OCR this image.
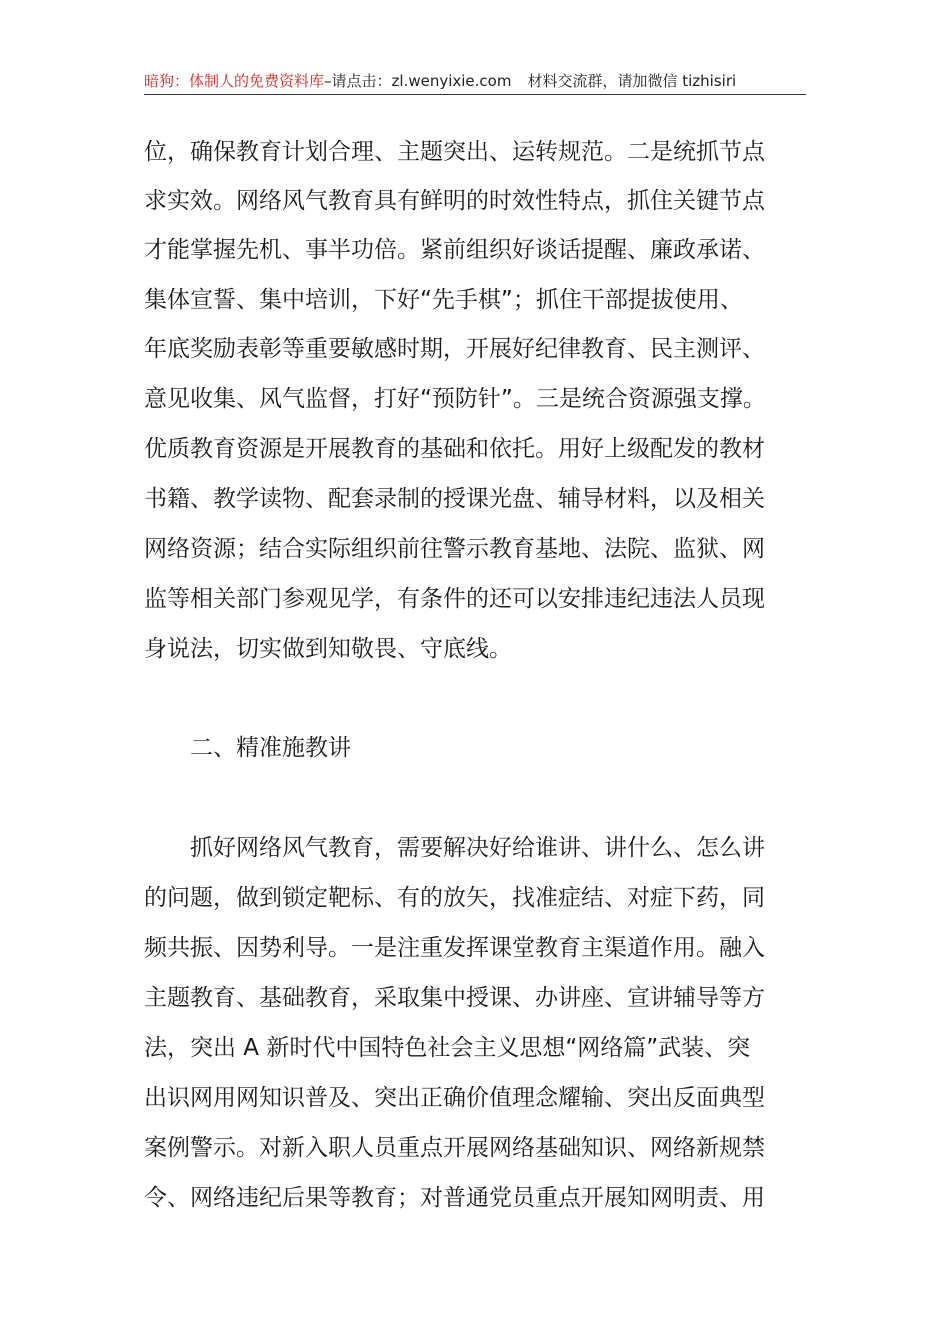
暗狗：体制人的免费资料库–请点击：zl.wenyixie.com 材料交流群，请加微信 tizhisiri
位，确保教育计划合理、主题突出、运转规范。二是统抓节点
求实效。网络风气教育具有鲜明的时效性特点，抓住关键节点
才能掌握先机、事半功倍。紧前组织好谈话提醒、廉政承诺、
集体宣誓、集中培训，下好“先手棋”；抓住干部提拔使用、
年底奖励表彰等重要敏感时期，开展好纪律教育、民主测评、
意见收集、风气监督，打好“预防针”。三是统合资源强支撑。
优质教育资源是开展教育的基础和依托。用好上级配发的教材
书籍、教学读物、配套录制的授课光盘、辅导材料，以及相关
网络资源；结合实际组织前往警示教育基地、法院、监狱、网
监等相关部门参观见学，有条件的还可以安排违纪违法人员现
身说法，切实做到知敬畏、守底线。
二、精准施教讲
抓好网络风气教育，需要解决好给谁讲、讲什么、怎么讲
的问题，做到锁定靶标、有的放矢，找准症结、对症下药，同
频共振、因势利导。一是注重发挥课堂教育主渠道作用。融入
主题教育、基础教育，采取集中授课、办讲座、宣讲辅导等方
法，突出 A 新时代中国特色社会主义思想“网络篇”武装、突
出识网用网知识普及、突出正确价值理念耀输、突出反面典型
案例警示。对新入职人员重点开展网络基础知识、网络新规禁
令、网络违纪后果等教育；对普通党员重点开展知网明责、用
